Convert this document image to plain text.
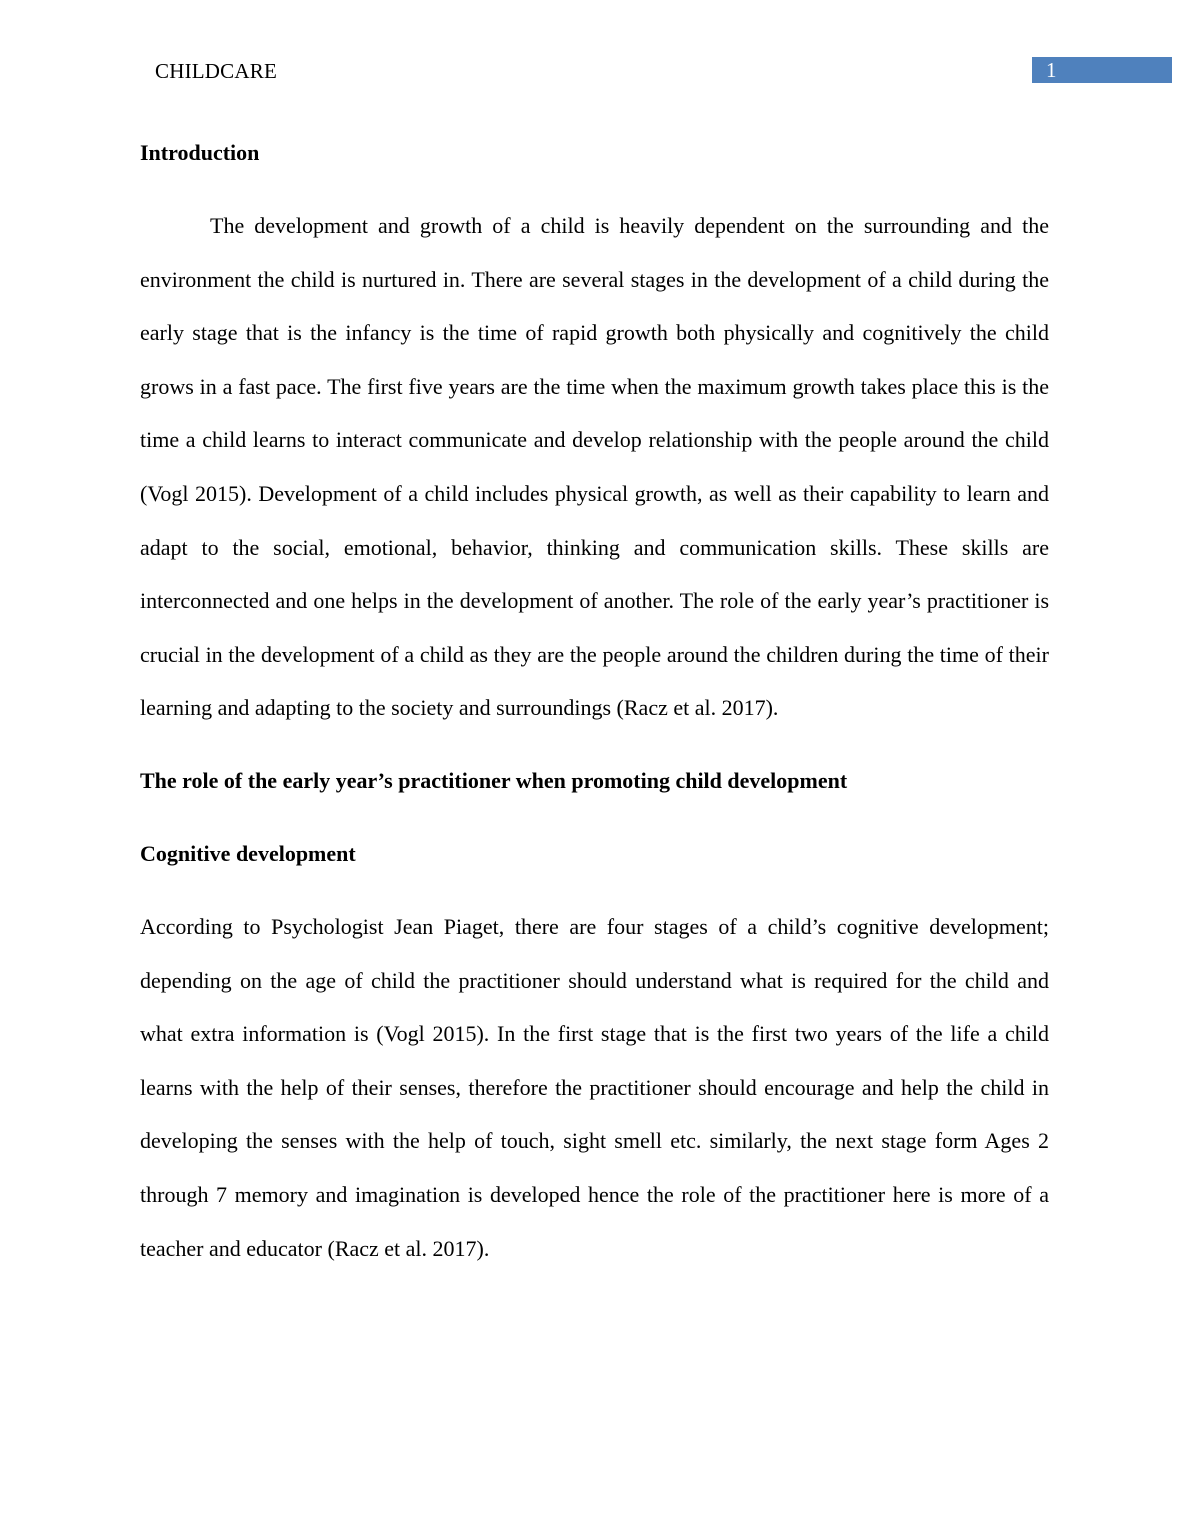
CHILDCARE	1
Introduction

The development and growth of a child is heavily dependent on the surrounding and the environment the child is nurtured in. There are several stages in the development of a child during the early stage that is the infancy is the time of rapid growth both physically and cognitively the child grows in a fast pace. The first five years are the time when the maximum growth takes place this is the time a child learns to interact communicate and develop relationship with the people around the child (Vogl 2015). Development of a child includes physical growth, as well as their capability to learn and adapt to the social, emotional, behavior, thinking and communication skills. These skills are interconnected and one helps in the development of another. The role of the early year’s practitioner is crucial in the development of a child as they are the people around the children during the time of their learning and adapting to the society and surroundings (Racz et al. 2017).

The role of the early year’s practitioner when promoting child development
Cognitive development

According to Psychologist Jean Piaget, there are four stages of a child’s cognitive development; depending on the age of child the practitioner should understand what is required for the child and what extra information is (Vogl 2015). In the first stage that is the first two years of the life a child learns with the help of their senses, therefore the practitioner should encourage and help the child in developing the senses with the help of touch, sight smell etc. similarly, the next stage form Ages 2 through 7 memory and imagination is developed hence the role of the practitioner here is more of a teacher and educator (Racz et al. 2017).
